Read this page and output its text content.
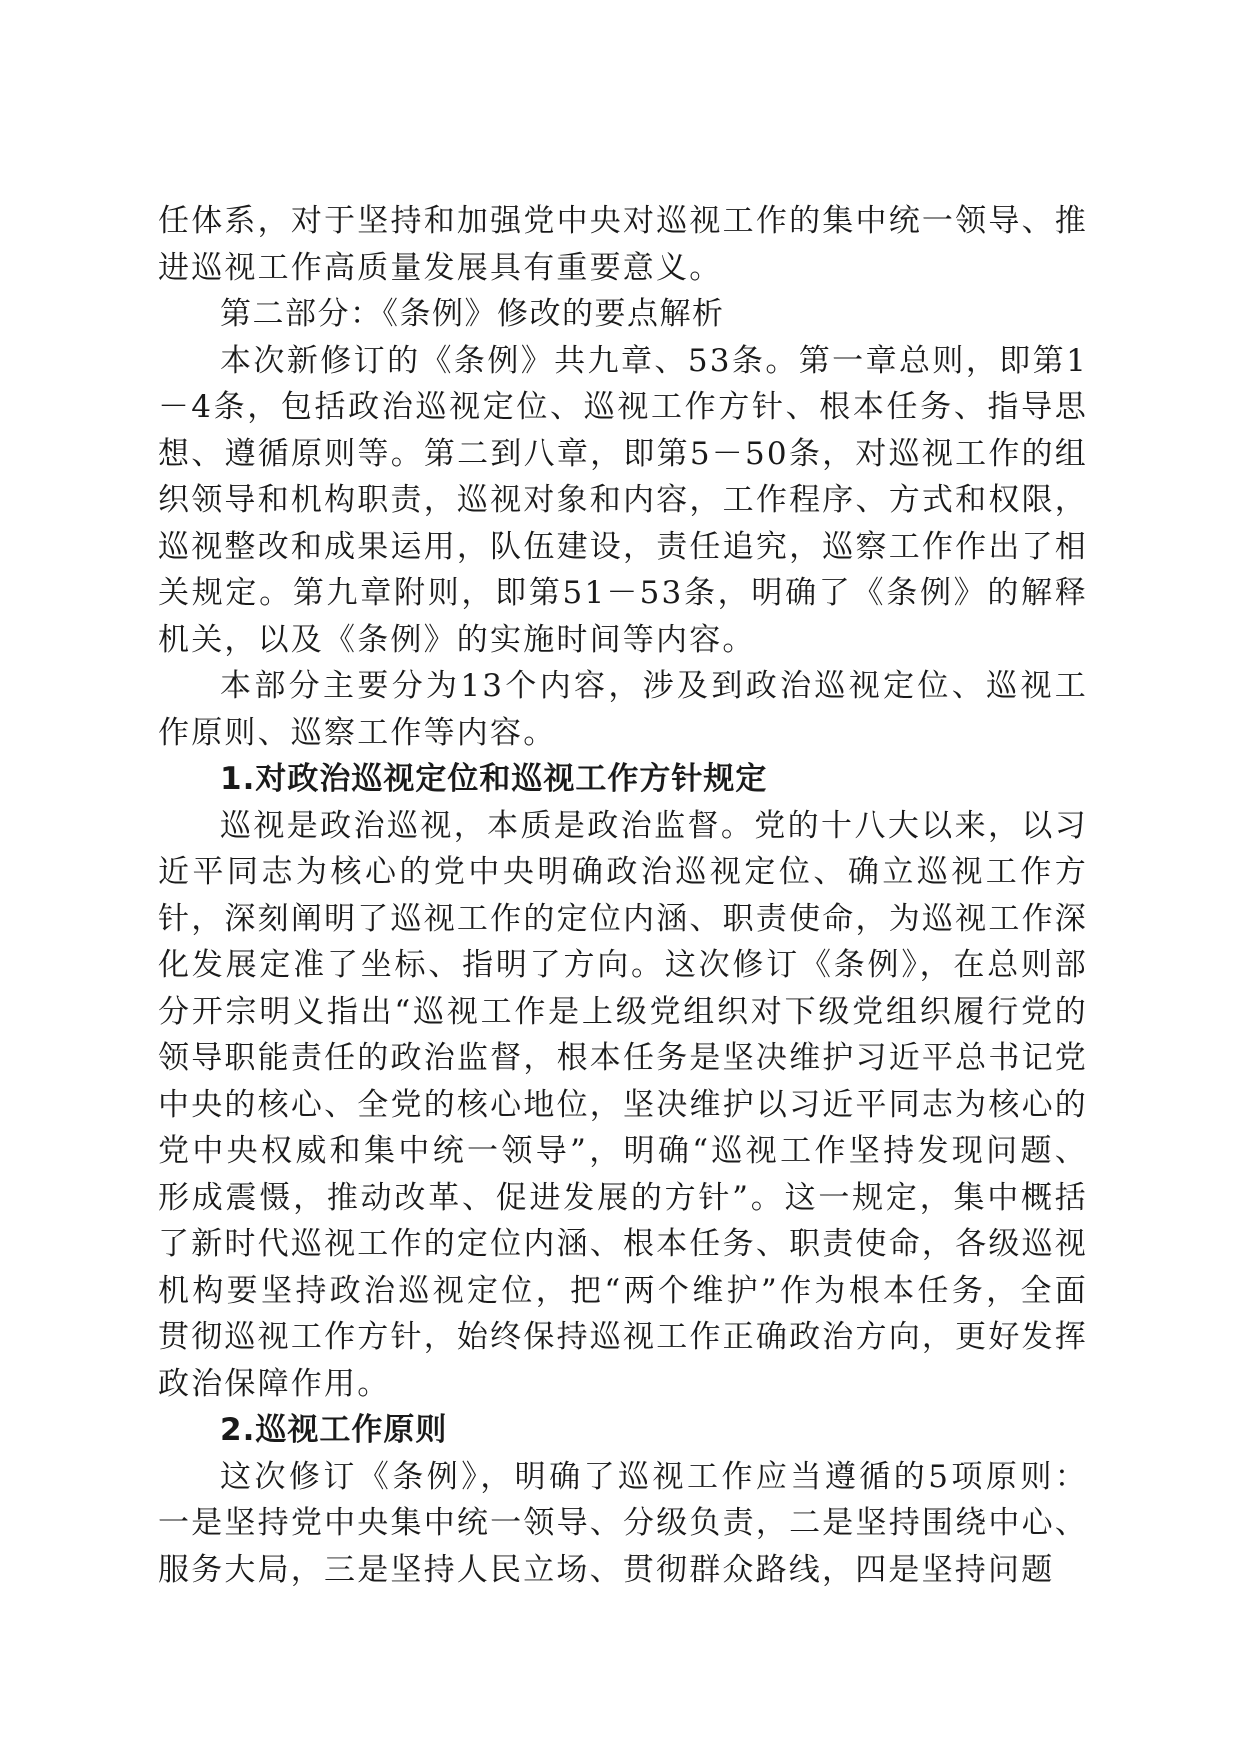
任体系，对于坚持和加强党中央对巡视工作的集中统一领导、推进巡视工作高质量发展具有重要意义。

第二部分：《条例》修改的要点解析

本次新修订的《条例》共九章、53条。第一章总则，即第1－4条，包括政治巡视定位、巡视工作方针、根本任务、指导思想、遵循原则等。第二到八章，即第5－50条，对巡视工作的组织领导和机构职责，巡视对象和内容，工作程序、方式和权限，巡视整改和成果运用，队伍建设，责任追究，巡察工作作出了相关规定。第九章附则，即第51－53条，明确了《条例》的解释机关，以及《条例》的实施时间等内容。

本部分主要分为13个内容，涉及到政治巡视定位、巡视工作原则、巡察工作等内容。

1.对政治巡视定位和巡视工作方针规定

巡视是政治巡视，本质是政治监督。党的十八大以来，以习近平同志为核心的党中央明确政治巡视定位、确立巡视工作方针，深刻阐明了巡视工作的定位内涵、职责使命，为巡视工作深化发展定准了坐标、指明了方向。这次修订《条例》，在总则部分开宗明义指出“巡视工作是上级党组织对下级党组织履行党的领导职能责任的政治监督，根本任务是坚决维护习近平总书记党中央的核心、全党的核心地位，坚决维护以习近平同志为核心的党中央权威和集中统一领导”，明确“巡视工作坚持发现问题、形成震慑，推动改革、促进发展的方针”。这一规定，集中概括了新时代巡视工作的定位内涵、根本任务、职责使命，各级巡视机构要坚持政治巡视定位，把“两个维护”作为根本任务，全面贯彻巡视工作方针，始终保持巡视工作正确政治方向，更好发挥政治保障作用。

2.巡视工作原则

这次修订《条例》，明确了巡视工作应当遵循的5项原则：一是坚持党中央集中统一领导、分级负责，二是坚持围绕中心、服务大局，三是坚持人民立场、贯彻群众路线，四是坚持问题
